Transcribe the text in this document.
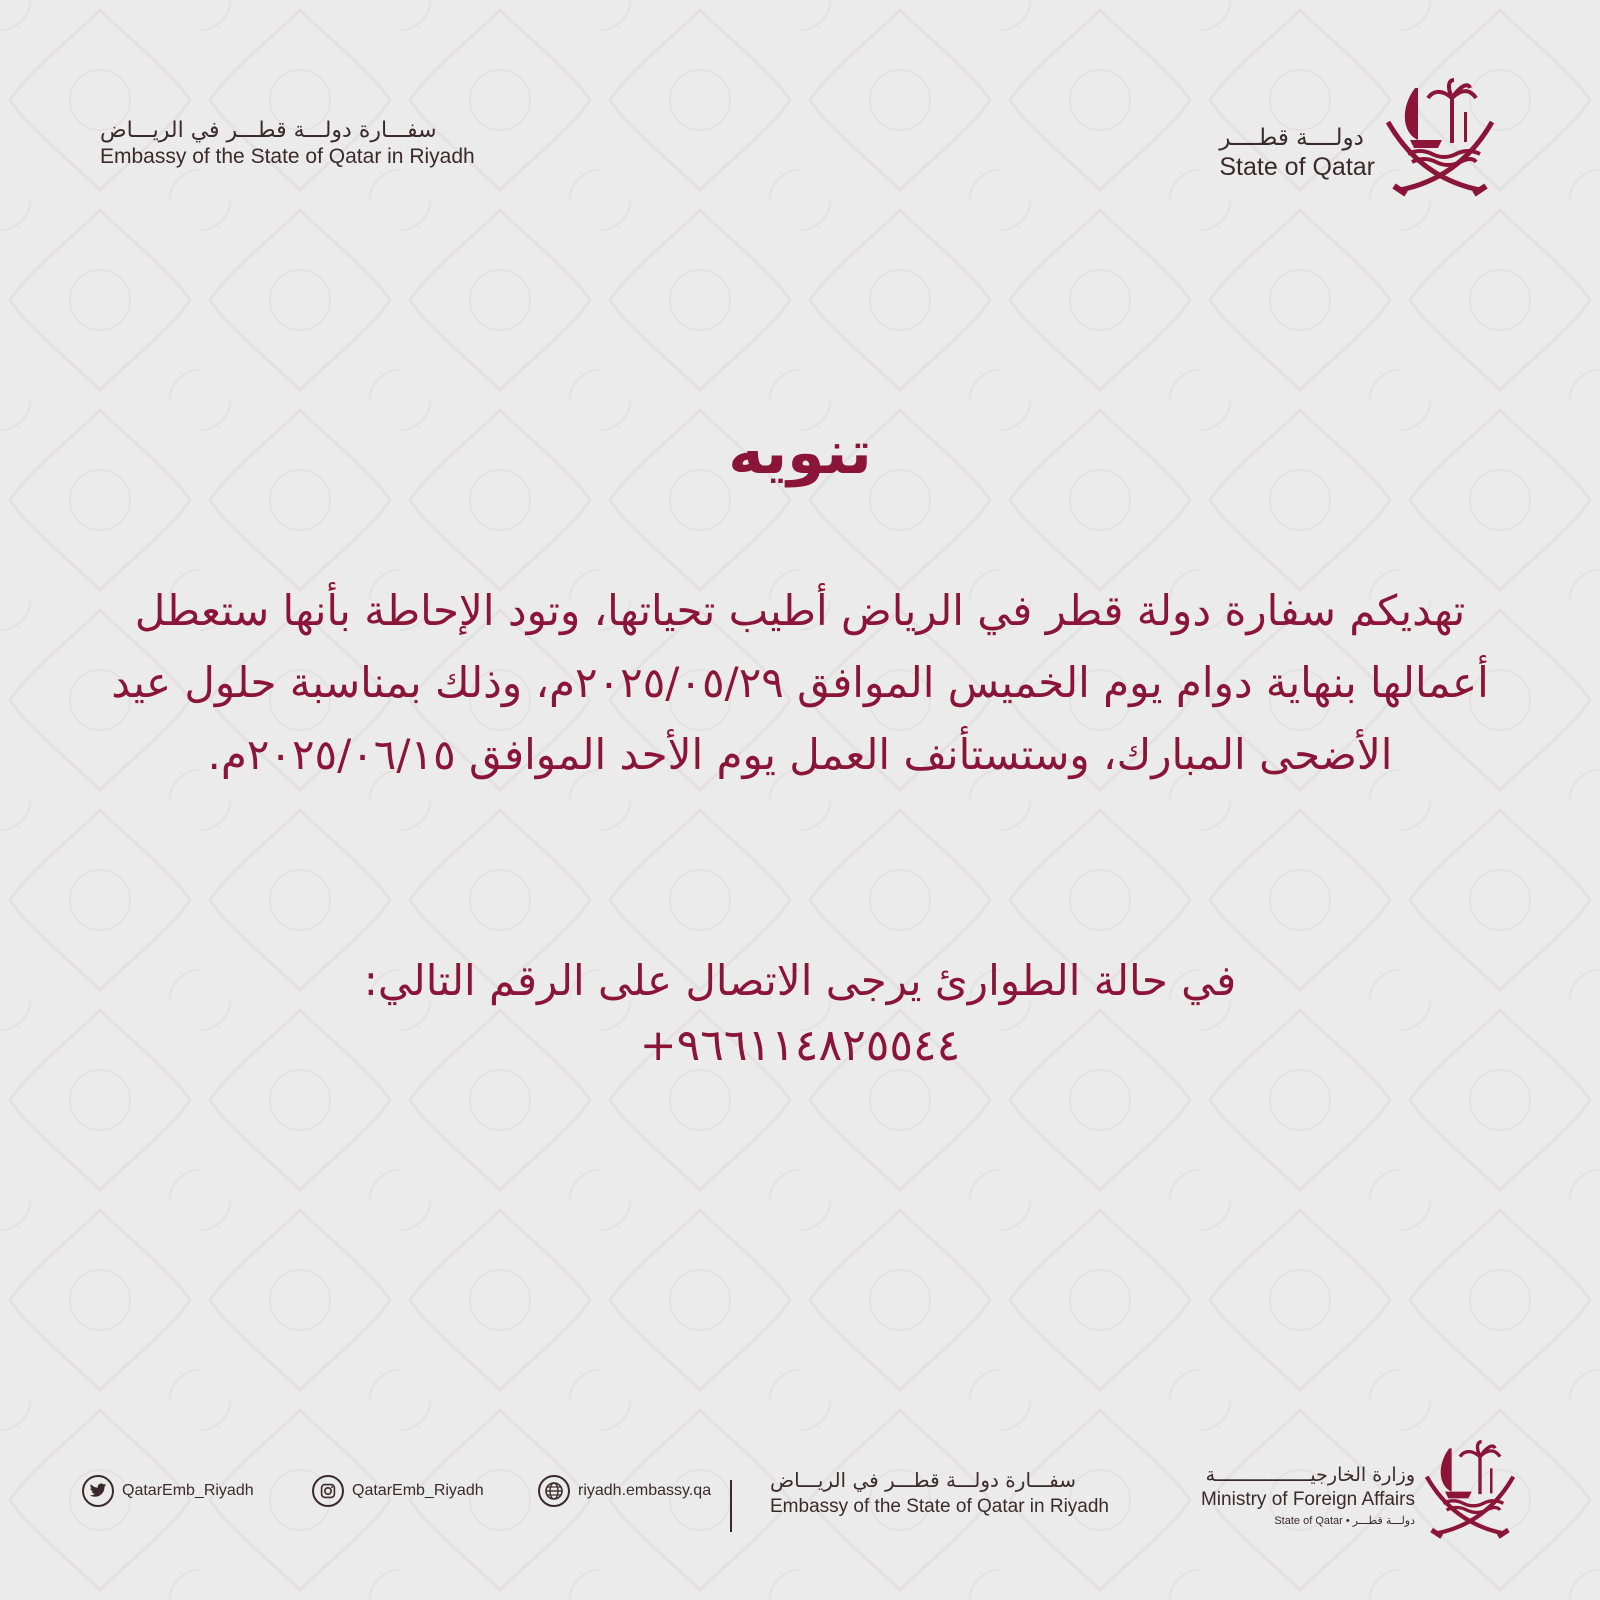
سفـــارة دولـــة قطـــر في الريـــاض
Embassy of the State of Qatar in Riyadh
دولــــة قطــــر
State of Qatar
تنويه
تهديكم سفارة دولة قطر في الرياض أطيب تحياتها، وتود الإحاطة بأنها ستعطل أعمالها بنهاية دوام يوم الخميس الموافق ٢٠٢٥/٠٥/٢٩م، وذلك بمناسبة حلول عيد الأضحى المبارك، وستستأنف العمل يوم الأحد الموافق ٢٠٢٥/٠٦/١٥م.
في حالة الطوارئ يرجى الاتصال على الرقم التالي:
+٩٦٦١١٤٨٢٥٥٤٤
QatarEmb_Riyadh	QatarEmb_Riyadh	riyadh.embassy.qa	سفـــارة دولـــة قطـــر في الريـــاض
Embassy of the State of Qatar in Riyadh
وزارة الخارجيـــــــــــــــــة
Ministry of Foreign Affairs
State of Qatar • دولـــة قطـــر
